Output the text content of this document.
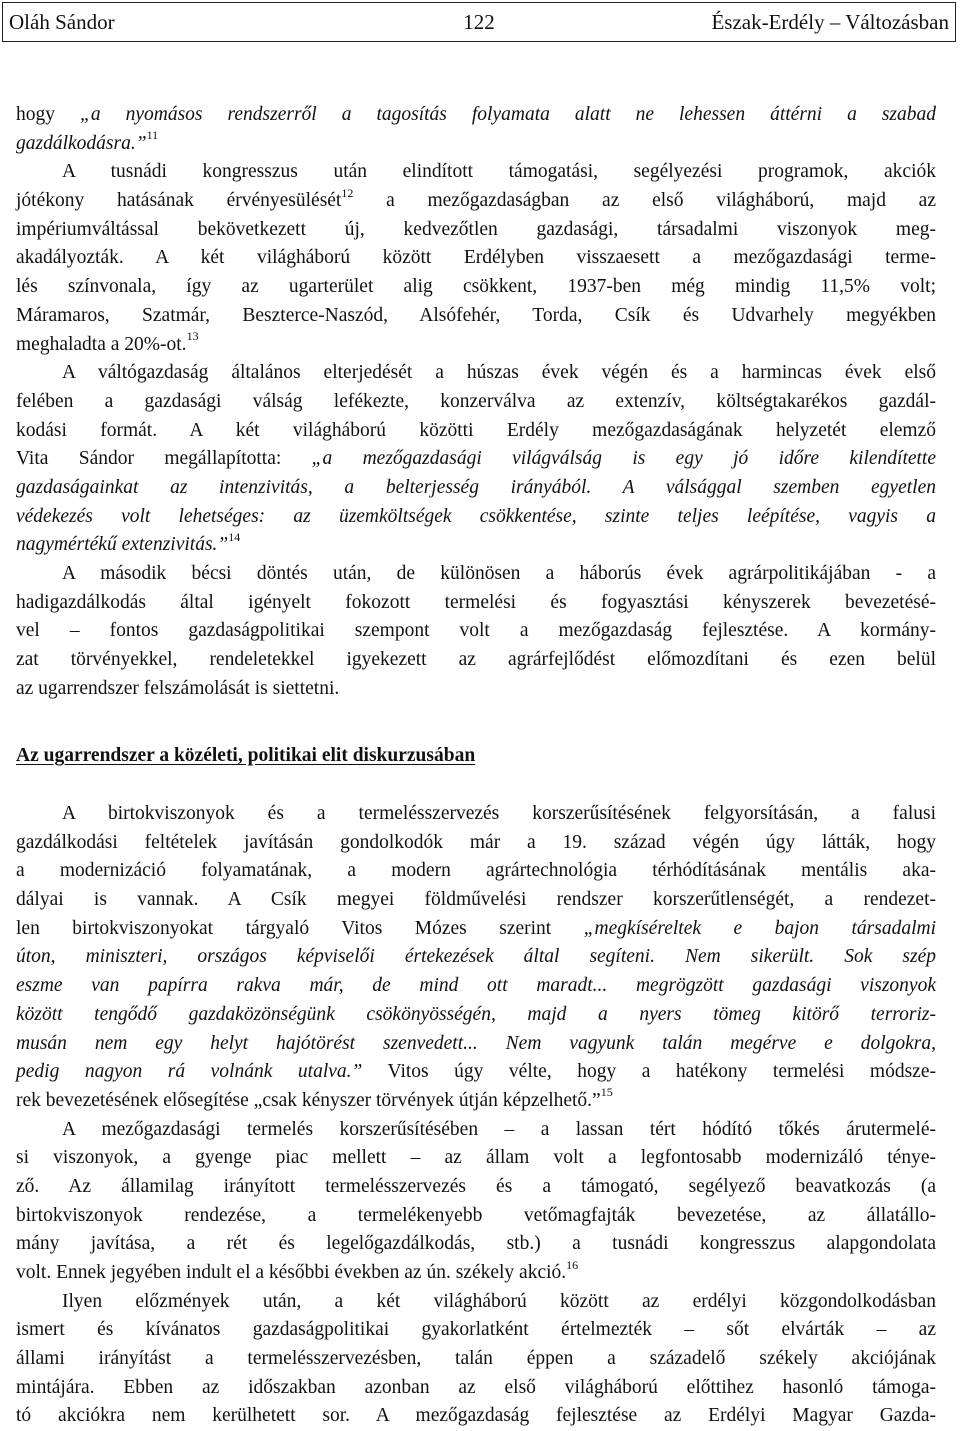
Oláh Sándor	122	Észak-Erdély – Változásban
hogy „a nyomásos rendszerről a tagosítás folyamata alatt ne lehessen áttérni a szabad
gazdálkodásra.”$^{11}$
A tusnádi kongresszus után elindított támogatási, segélyezési programok, akciók
jótékony hatásának érvényesülését$^{12}$ a mezőgazdaságban az első világháború, majd az
impériumváltással bekövetkezett új, kedvezőtlen gazdasági, társadalmi viszonyok meg-
akadályozták. A két világháború között Erdélyben visszaesett a mezőgazdasági terme-
lés színvonala, így az ugarterület alig csökkent, 1937-ben még mindig 11,5% volt;
Máramaros, Szatmár, Beszterce-Naszód, Alsófehér, Torda, Csík és Udvarhely megyékben
meghaladta a 20%-ot.$^{13}$
A váltógazdaság általános elterjedését a húszas évek végén és a harmincas évek első
felében a gazdasági válság lefékezte, konzerválva az extenzív, költségtakarékos gazdál-
kodási formát. A két világháború közötti Erdély mezőgazdaságának helyzetét elemző
Vita Sándor megállapította: „a mezőgazdasági világválság is egy jó időre kilendítette
gazdaságainkat az intenzivitás, a belterjesség irányából. A válsággal szemben egyetlen
védekezés volt lehetséges: az üzemköltségek csökkentése, szinte teljes leépítése, vagyis a
nagymértékű extenzivitás.”$^{14}$
A második bécsi döntés után, de különösen a háborús évek agrárpolitikájában - a
hadigazdálkodás által igényelt fokozott termelési és fogyasztási kényszerek bevezetésé-
vel – fontos gazdaságpolitikai szempont volt a mezőgazdaság fejlesztése. A kormány-
zat törvényekkel, rendeletekkel igyekezett az agrárfejlődést előmozdítani és ezen belül
az ugarrendszer felszámolását is siettetni.
Az ugarrendszer a közéleti, politikai elit diskurzusában
A birtokviszonyok és a termelésszervezés korszerűsítésének felgyorsításán, a falusi
gazdálkodási feltételek javításán gondolkodók már a 19. század végén úgy látták, hogy
a modernizáció folyamatának, a modern agrártechnológia térhódításának mentális aka-
dályai is vannak. A Csík megyei földművelési rendszer korszerűtlenségét, a rendezet-
len birtokviszonyokat tárgyaló Vitos Mózes szerint „megkíséreltek e bajon társadalmi
úton, miniszteri, országos képviselői értekezések által segíteni. Nem sikerült. Sok szép
eszme van papírra rakva már, de mind ott maradt... megrögzött gazdasági viszonyok
között tengődő gazdaközönségünk csökönyösségén, majd a nyers tömeg kitörő terroriz-
musán nem egy helyt hajótörést szenvedett... Nem vagyunk talán megérve e dolgokra,
pedig nagyon rá volnánk utalva.” Vitos úgy vélte, hogy a hatékony termelési módsze-
rek bevezetésének elősegítése „csak kényszer törvények útján képzelhető.”$^{15}$
A mezőgazdasági termelés korszerűsítésében – a lassan tért hódító tőkés árutermelé-
si viszonyok, a gyenge piac mellett – az állam volt a legfontosabb modernizáló ténye-
ző. Az államilag irányított termelésszervezés és a támogató, segélyező beavatkozás (a
birtokviszonyok rendezése, a termelékenyebb vetőmagfajták bevezetése, az állatállo-
mány javítása, a rét és legelőgazdálkodás, stb.) a tusnádi kongresszus alapgondolata
volt. Ennek jegyében indult el a későbbi években az ún. székely akció.$^{16}$
Ilyen előzmények után, a két világháború között az erdélyi közgondolkodásban
ismert és kívánatos gazdaságpolitikai gyakorlatként értelmezték – sőt elvárták – az
állami irányítást a termelésszervezésben, talán éppen a századelő székely akciójának
mintájára. Ebben az időszakban azonban az első világháború előttihez hasonló támoga-
tó akciókra nem kerülhetett sor. A mezőgazdaság fejlesztése az Erdélyi Magyar Gazda-
